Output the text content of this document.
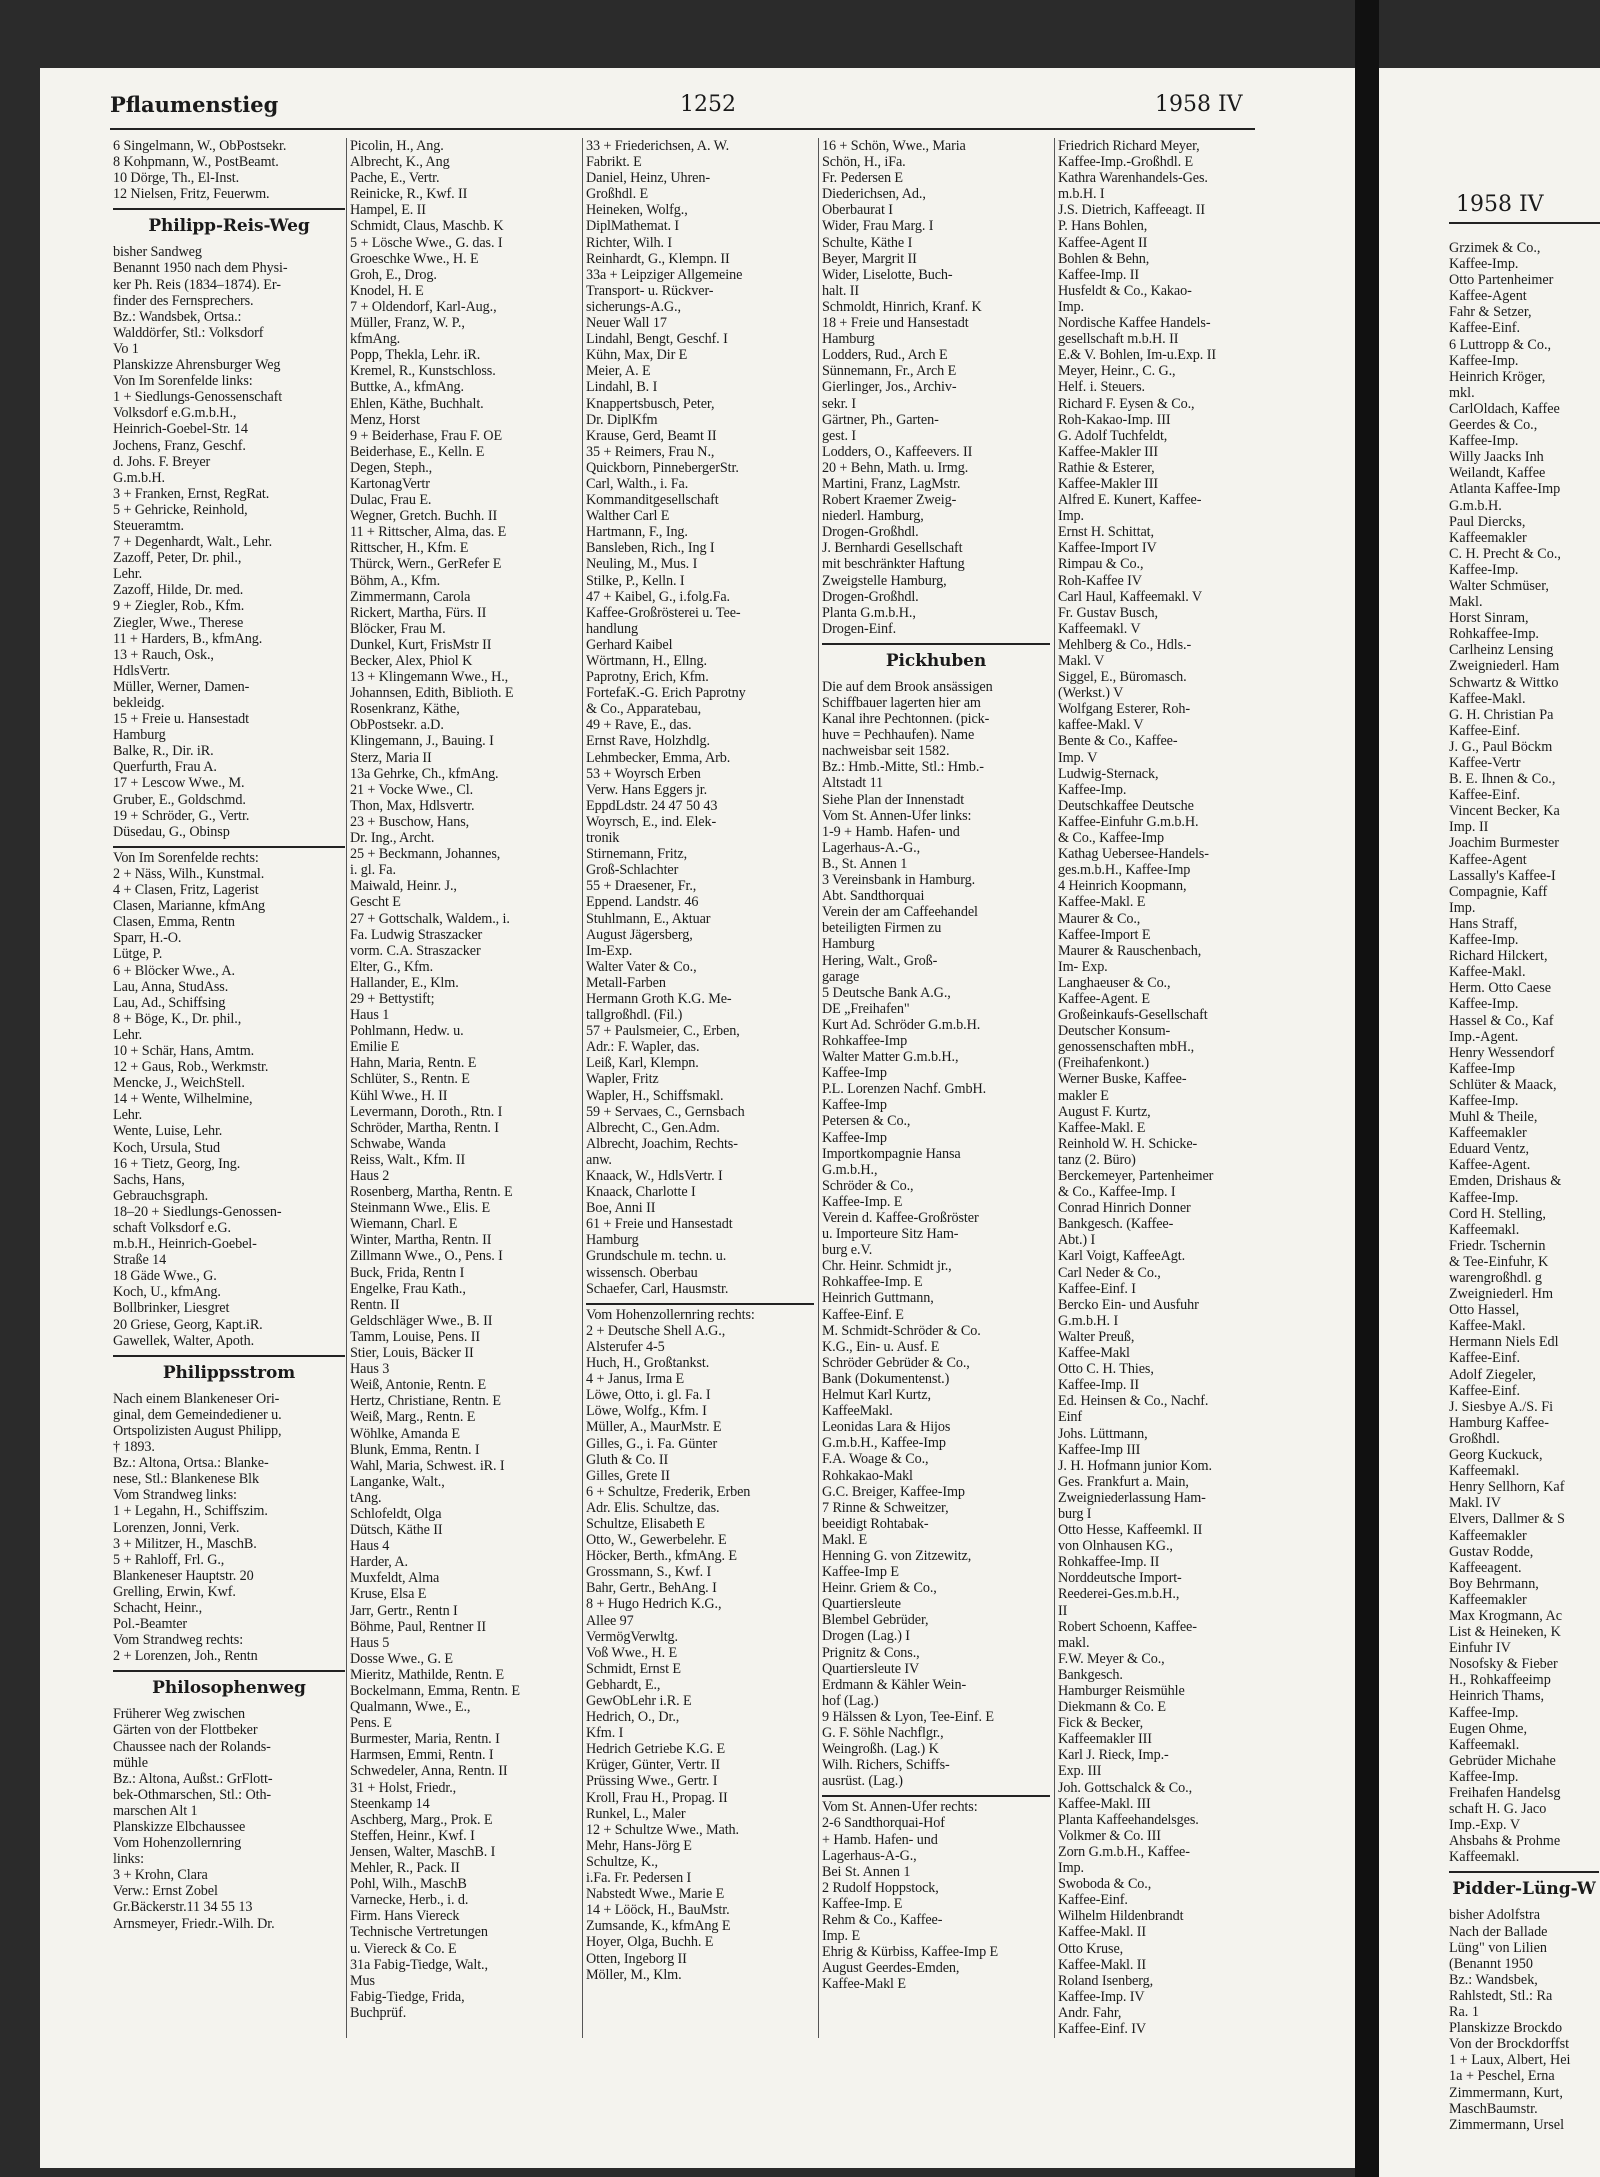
1958 IV
Grzimek & Co.,
Kaffee-Imp.
Otto Partenheimer
Kaffee-Agent
Fahr & Setzer,
Kaffee-Einf.
6 Luttropp & Co.,
Kaffee-Imp.
Heinrich Kröger,
mkl.
CarlOldach, Kaffee
Geerdes & Co.,
Kaffee-Imp.
Willy Jaacks Inh
Weilandt, Kaffee
Atlanta Kaffee-Imp
G.m.b.H.
Paul Diercks,
Kaffeemakler
C. H. Precht & Co.,
Kaffee-Imp.
Walter Schmüser,
Makl.
Horst Sinram,
Rohkaffee-Imp.
Carlheinz Lensing
Zweigniederl. Ham
Schwartz & Wittko
Kaffee-Makl.
G. H. Christian Pa
Kaffee-Einf.
J. G., Paul Böckm
Kaffee-Vertr
B. E. Ihnen & Co.,
Kaffee-Einf.
Vincent Becker, Ka
Imp. II
Joachim Burmester
Kaffee-Agent
Lassally's Kaffee-I
Compagnie, Kaff
Imp.
Hans Straff,
Kaffee-Imp.
Richard Hilckert,
Kaffee-Makl.
Herm. Otto Caese
Kaffee-Imp.
Hassel & Co., Kaf
Imp.-Agent.
Henry Wessendorf
Kaffee-Imp
Schlüter & Maack,
Kaffee-Imp.
Muhl & Theile,
Kaffeemakler
Eduard Ventz,
Kaffee-Agent.
Emden, Drishaus &
Kaffee-Imp.
Cord H. Stelling,
Kaffeemakl.
Friedr. Tschernin
& Tee-Einfuhr, K
warengroßhdl. g
Zweigniederl. Hm
Otto Hassel,
Kaffee-Makl.
Hermann Niels Edl
Kaffee-Einf.
Adolf Ziegeler,
Kaffee-Einf.
J. Siesbye A./S. Fi
Hamburg Kaffee-
Großhdl.
Georg Kuckuck,
Kaffeemakl.
Henry Sellhorn, Kaf
Makl. IV
Elvers, Dallmer & S
Kaffeemakler
Gustav Rodde,
Kaffeeagent.
Boy Behrmann,
Kaffeemakler
Max Krogmann, Ac
List & Heineken, K
Einfuhr IV
Nosofsky & Fieber
H., Rohkaffeeimp
Heinrich Thams,
Kaffee-Imp.
Eugen Ohme,
Kaffeemakl.
Gebrüder Michahe
Kaffee-Imp.
Freihafen Handelsg
schaft H. G. Jaco
Imp.-Exp. V
Ahsbahs & Prohme
Kaffeemakl.
Pidder-Lüng-W
bisher Adolfstra
Nach der Ballade
Lüng" von Lilien
(Benannt 1950
Bz.: Wandsbek,
Rahlstedt, Stl.: Ra
Ra. 1
Planskizze Brockdo
Von der Brockdorffst
1 + Laux, Albert, Hei
1a + Peschel, Erna
Zimmermann, Kurt,
MaschBaumstr.
Zimmermann, Ursel
Pflaumenstieg	1252	1958 IV
6 Singelmann, W., ObPostsekr.
8 Kohpmann, W., PostBeamt.
10 Dörge, Th., El-Inst.
12 Nielsen, Fritz, Feuerwm.
Philipp-Reis-Weg
bisher Sandweg
Benannt 1950 nach dem Physi-
ker Ph. Reis (1834–1874). Er-
finder des Fernsprechers.
Bz.: Wandsbek, Ortsa.:
Walddörfer, Stl.: Volksdorf
Vo 1
Planskizze Ahrensburger Weg
Von Im Sorenfelde links:
1 + Siedlungs-Genossenschaft
Volksdorf e.G.m.b.H.,
Heinrich-Goebel-Str. 14
Jochens, Franz, Geschf.
d. Johs. F. Breyer
G.m.b.H.
3 + Franken, Ernst, RegRat.
5 + Gehricke, Reinhold,
Steueramtm.
7 + Degenhardt, Walt., Lehr.
Zazoff, Peter, Dr. phil.,
Lehr.
Zazoff, Hilde, Dr. med.
9 + Ziegler, Rob., Kfm.
Ziegler, Wwe., Therese
11 + Harders, B., kfmAng.
13 + Rauch, Osk.,
HdlsVertr.
Müller, Werner, Damen-
bekleidg.
15 + Freie u. Hansestadt
Hamburg
Balke, R., Dir. iR.
Querfurth, Frau A.
17 + Lescow Wwe., M.
Gruber, E., Goldschmd.
19 + Schröder, G., Vertr.
Düsedau, G., Obinsp
Von Im Sorenfelde rechts:
2 + Näss, Wilh., Kunstmal.
4 + Clasen, Fritz, Lagerist
Clasen, Marianne, kfmAng
Clasen, Emma, Rentn
Sparr, H.-O.
Lütge, P.
6 + Blöcker Wwe., A.
Lau, Anna, StudAss.
Lau, Ad., Schiffsing
8 + Böge, K., Dr. phil.,
Lehr.
10 + Schär, Hans, Amtm.
12 + Gaus, Rob., Werkmstr.
Mencke, J., WeichStell.
14 + Wente, Wilhelmine,
Lehr.
Wente, Luise, Lehr.
Koch, Ursula, Stud
16 + Tietz, Georg, Ing.
Sachs, Hans,
Gebrauchsgraph.
18–20 + Siedlungs-Genossen-
schaft Volksdorf e.G.
m.b.H., Heinrich-Goebel-
Straße 14
18 Gäde Wwe., G.
Koch, U., kfmAng.
Bollbrinker, Liesgret
20 Griese, Georg, Kapt.iR.
Gawellek, Walter, Apoth.
Philippsstrom
Nach einem Blankeneser Ori-
ginal, dem Gemeindediener u.
Ortspolizisten August Philipp,
† 1893.
Bz.: Altona, Ortsa.: Blanke-
nese, Stl.: Blankenese Blk
Vom Strandweg links:
1 + Legahn, H., Schiffszim.
Lorenzen, Jonni, Verk.
3 + Militzer, H., MaschB.
5 + Rahloff, Frl. G.,
Blankeneser Hauptstr. 20
Grelling, Erwin, Kwf.
Schacht, Heinr.,
Pol.-Beamter
Vom Strandweg rechts:
2 + Lorenzen, Joh., Rentn
Philosophenweg
Früherer Weg zwischen
Gärten von der Flottbeker
Chaussee nach der Rolands-
mühle
Bz.: Altona, Außst.: GrFlott-
bek-Othmarschen, Stl.: Oth-
marschen Alt 1
Planskizze Elbchaussee
Vom Hohenzollernring
links:
3 + Krohn, Clara
Verw.: Ernst Zobel
Gr.Bäckerstr.11 34 55 13
Arnsmeyer, Friedr.-Wilh. Dr.
Picolin, H., Ang.
Albrecht, K., Ang
Pache, E., Vertr.
Reinicke, R., Kwf. II
Hampel, E. II
Schmidt, Claus, Maschb. K
5 + Lösche Wwe., G. das. I
Groeschke Wwe., H. E
Groh, E., Drog.
Knodel, H. E
7 + Oldendorf, Karl-Aug.,
Müller, Franz, W. P.,
kfmAng.
Popp, Thekla, Lehr. iR.
Kremel, R., Kunstschloss.
Buttke, A., kfmAng.
Ehlen, Käthe, Buchhalt.
Menz, Horst
9 + Beiderhase, Frau F. OE
Beiderhase, E., Kelln. E
Degen, Steph.,
KartonagVertr
Dulac, Frau E.
Wegner, Gretch. Buchh. II
11 + Rittscher, Alma, das. E
Rittscher, H., Kfm. E
Thürck, Wern., GerRefer E
Böhm, A., Kfm.
Zimmermann, Carola
Rickert, Martha, Fürs. II
Blöcker, Frau M.
Dunkel, Kurt, FrisMstr II
Becker, Alex, Phiol K
13 + Klingemann Wwe., H.,
Johannsen, Edith, Biblioth. E
Rosenkranz, Käthe,
ObPostsekr. a.D.
Klingemann, J., Bauing. I
Sterz, Maria II
13a Gehrke, Ch., kfmAng.
21 + Vocke Wwe., Cl.
Thon, Max, Hdlsvertr.
23 + Buschow, Hans,
Dr. Ing., Archt.
25 + Beckmann, Johannes,
i. gl. Fa.
Maiwald, Heinr. J.,
Gescht E
27 + Gottschalk, Waldem., i.
Fa. Ludwig Straszacker
vorm. C.A. Straszacker
Elter, G., Kfm.
Hallander, E., Klm.
29 + Bettystift;
Haus 1
Pohlmann, Hedw. u.
Emilie E
Hahn, Maria, Rentn. E
Schlüter, S., Rentn. E
Kühl Wwe., H. II
Levermann, Doroth., Rtn. I
Schröder, Martha, Rentn. I
Schwabe, Wanda
Reiss, Walt., Kfm. II
Haus 2
Rosenberg, Martha, Rentn. E
Steinmann Wwe., Elis. E
Wiemann, Charl. E
Winter, Martha, Rentn. II
Zillmann Wwe., O., Pens. I
Buck, Frida, Rentn I
Engelke, Frau Kath.,
Rentn. II
Geldschläger Wwe., B. II
Tamm, Louise, Pens. II
Stier, Louis, Bäcker II
Haus 3
Weiß, Antonie, Rentn. E
Hertz, Christiane, Rentn. E
Weiß, Marg., Rentn. E
Wöhlke, Amanda E
Blunk, Emma, Rentn. I
Wahl, Maria, Schwest. iR. I
Langanke, Walt.,
tAng.
Schlofeldt, Olga
Dütsch, Käthe II
Haus 4
Harder, A.
Muxfeldt, Alma
Kruse, Elsa E
Jarr, Gertr., Rentn I
Böhme, Paul, Rentner II
Haus 5
Dosse Wwe., G. E
Mieritz, Mathilde, Rentn. E
Bockelmann, Emma, Rentn. E
Qualmann, Wwe., E.,
Pens. E
Burmester, Maria, Rentn. I
Harmsen, Emmi, Rentn. I
Schwedeler, Anna, Rentn. II
31 + Holst, Friedr.,
Steenkamp 14
Aschberg, Marg., Prok. E
Steffen, Heinr., Kwf. I
Jensen, Walter, MaschB. I
Mehler, R., Pack. II
Pohl, Wilh., MaschB
Varnecke, Herb., i. d.
Firm. Hans Viereck
Technische Vertretungen
u. Viereck & Co. E
31a Fabig-Tiedge, Walt.,
Mus
Fabig-Tiedge, Frida,
Buchprüf.
33 + Friederichsen, A. W.
Fabrikt. E
Daniel, Heinz, Uhren-
Großhdl. E
Heineken, Wolfg.,
DiplMathemat. I
Richter, Wilh. I
Reinhardt, G., Klempn. II
33a + Leipziger Allgemeine
Transport- u. Rückver-
sicherungs-A.G.,
Neuer Wall 17
Lindahl, Bengt, Geschf. I
Kühn, Max, Dir E
Meier, A. E
Lindahl, B. I
Knappertsbusch, Peter,
Dr. DiplKfm
Krause, Gerd, Beamt II
35 + Reimers, Frau N.,
Quickborn, PinnebergerStr.
Carl, Walth., i. Fa.
Kommanditgesellschaft
Walther Carl E
Hartmann, F., Ing.
Bansleben, Rich., Ing I
Neuling, M., Mus. I
Stilke, P., Kelln. I
47 + Kaibel, G., i.folg.Fa.
Kaffee-Großrösterei u. Tee-
handlung
Gerhard Kaibel
Wörtmann, H., Ellng.
Paprotny, Erich, Kfm.
FortefaK.-G. Erich Paprotny
& Co., Apparatebau,
49 + Rave, E., das.
Ernst Rave, Holzhdlg.
Lehmbecker, Emma, Arb.
53 + Woyrsch Erben
Verw. Hans Eggers jr.
EppdLdstr. 24 47 50 43
Woyrsch, E., ind. Elek-
tronik
Stirnemann, Fritz,
Groß-Schlachter
55 + Draesener, Fr.,
Eppend. Landstr. 46
Stuhlmann, E., Aktuar
August Jägersberg,
Im-Exp.
Walter Vater & Co.,
Metall-Farben
Hermann Groth K.G. Me-
tallgroßhdl. (Fil.)
57 + Paulsmeier, C., Erben,
Adr.: F. Wapler, das.
Leiß, Karl, Klempn.
Wapler, Fritz
Wapler, H., Schiffsmakl.
59 + Servaes, C., Gernsbach
Albrecht, C., Gen.Adm.
Albrecht, Joachim, Rechts-
anw.
Knaack, W., HdlsVertr. I
Knaack, Charlotte I
Boe, Anni II
61 + Freie und Hansestadt
Hamburg
Grundschule m. techn. u.
wissensch. Oberbau
Schaefer, Carl, Hausmstr.
Vom Hohenzollernring rechts:
2 + Deutsche Shell A.G.,
Alsterufer 4-5
Huch, H., Großtankst.
4 + Janus, Irma E
Löwe, Otto, i. gl. Fa. I
Löwe, Wolfg., Kfm. I
Müller, A., MaurMstr. E
Gilles, G., i. Fa. Günter
Gluth & Co. II
Gilles, Grete II
6 + Schultze, Frederik, Erben
Adr. Elis. Schultze, das.
Schultze, Elisabeth E
Otto, W., Gewerbelehr. E
Höcker, Berth., kfmAng. E
Grossmann, S., Kwf. I
Bahr, Gertr., BehAng. I
8 + Hugo Hedrich K.G.,
Allee 97
VermögVerwltg.
Voß Wwe., H. E
Schmidt, Ernst E
Gebhardt, E.,
GewObLehr i.R. E
Hedrich, O., Dr.,
Kfm. I
Hedrich Getriebe K.G. E
Krüger, Günter, Vertr. II
Prüssing Wwe., Gertr. I
Kroll, Frau H., Propag. II
Runkel, L., Maler
12 + Schultze Wwe., Math.
Mehr, Hans-Jörg E
Schultze, K.,
i.Fa. Fr. Pedersen I
Nabstedt Wwe., Marie E
14 + Lööck, H., BauMstr.
Zumsande, K., kfmAng E
Hoyer, Olga, Buchh. E
Otten, Ingeborg II
Möller, M., Klm.
16 + Schön, Wwe., Maria
Schön, H., iFa.
Fr. Pedersen E
Diederichsen, Ad.,
Oberbaurat I
Wider, Frau Marg. I
Schulte, Käthe I
Beyer, Margrit II
Wider, Liselotte, Buch-
halt. II
Schmoldt, Hinrich, Kranf. K
18 + Freie und Hansestadt
Hamburg
Lodders, Rud., Arch E
Sünnemann, Fr., Arch E
Gierlinger, Jos., Archiv-
sekr. I
Gärtner, Ph., Garten-
gest. I
Lodders, O., Kaffeevers. II
20 + Behn, Math. u. Irmg.
Martini, Franz, LagMstr.
Robert Kraemer Zweig-
niederl. Hamburg,
Drogen-Großhdl.
J. Bernhardi Gesellschaft
mit beschränkter Haftung
Zweigstelle Hamburg,
Drogen-Großhdl.
Planta G.m.b.H.,
Drogen-Einf.
Pickhuben
Die auf dem Brook ansässigen
Schiffbauer lagerten hier am
Kanal ihre Pechtonnen. (pick-
huve = Pechhaufen). Name
nachweisbar seit 1582.
Bz.: Hmb.-Mitte, Stl.: Hmb.-
Altstadt 11
Siehe Plan der Innenstadt
Vom St. Annen-Ufer links:
1-9 + Hamb. Hafen- und
Lagerhaus-A.-G.,
B., St. Annen 1
3 Vereinsbank in Hamburg.
Abt. Sandthorquai
Verein der am Caffeehandel
beteiligten Firmen zu
Hamburg
Hering, Walt., Groß-
garage
5 Deutsche Bank A.G.,
DE „Freihafen"
Kurt Ad. Schröder G.m.b.H.
Rohkaffee-Imp
Walter Matter G.m.b.H.,
Kaffee-Imp
P.L. Lorenzen Nachf. GmbH.
Kaffee-Imp
Petersen & Co.,
Kaffee-Imp
Importkompagnie Hansa
G.m.b.H.,
Schröder & Co.,
Kaffee-Imp. E
Verein d. Kaffee-Großröster
u. Importeure Sitz Ham-
burg e.V.
Chr. Heinr. Schmidt jr.,
Rohkaffee-Imp. E
Heinrich Guttmann,
Kaffee-Einf. E
M. Schmidt-Schröder & Co.
K.G., Ein- u. Ausf. E
Schröder Gebrüder & Co.,
Bank (Dokumentenst.)
Helmut Karl Kurtz,
KaffeeMakl.
Leonidas Lara & Hijos
G.m.b.H., Kaffee-Imp
F.A. Woage & Co.,
Rohkakao-Makl
G.C. Breiger, Kaffee-Imp
7 Rinne & Schweitzer,
beeidigt Rohtabak-
Makl. E
Henning G. von Zitzewitz,
Kaffee-Imp E
Heinr. Griem & Co.,
Quartiersleute
Blembel Gebrüder,
Drogen (Lag.) I
Prignitz & Cons.,
Quartiersleute IV
Erdmann & Kähler Wein-
hof (Lag.)
9 Hälssen & Lyon, Tee-Einf. E
G. F. Söhle Nachflgr.,
Weingroßh. (Lag.) K
Wilh. Richers, Schiffs-
ausrüst. (Lag.)
Vom St. Annen-Ufer rechts:
2-6 Sandthorquai-Hof
+ Hamb. Hafen- und
Lagerhaus-A-G.,
Bei St. Annen 1
2 Rudolf Hoppstock,
Kaffee-Imp. E
Rehm & Co., Kaffee-
Imp. E
Ehrig & Kürbiss, Kaffee-Imp E
August Geerdes-Emden,
Kaffee-Makl E
Friedrich Richard Meyer,
Kaffee-Imp.-Großhdl. E
Kathra Warenhandels-Ges.
m.b.H. I
J.S. Dietrich, Kaffeeagt. II
P. Hans Bohlen,
Kaffee-Agent II
Bohlen & Behn,
Kaffee-Imp. II
Husfeldt & Co., Kakao-
Imp.
Nordische Kaffee Handels-
gesellschaft m.b.H. II
E.& V. Bohlen, Im-u.Exp. II
Meyer, Heinr., C. G.,
Helf. i. Steuers.
Richard F. Eysen & Co.,
Roh-Kakao-Imp. III
G. Adolf Tuchfeldt,
Kaffee-Makler III
Rathie & Esterer,
Kaffee-Makler III
Alfred E. Kunert, Kaffee-
Imp.
Ernst H. Schittat,
Kaffee-Import IV
Rimpau & Co.,
Roh-Kaffee IV
Carl Haul, Kaffeemakl. V
Fr. Gustav Busch,
Kaffeemakl. V
Mehlberg & Co., Hdls.-
Makl. V
Siggel, E., Büromasch.
(Werkst.) V
Wolfgang Esterer, Roh-
kaffee-Makl. V
Bente & Co., Kaffee-
Imp. V
Ludwig-Sternack,
Kaffee-Imp.
Deutschkaffee Deutsche
Kaffee-Einfuhr G.m.b.H.
& Co., Kaffee-Imp
Kathag Uebersee-Handels-
ges.m.b.H., Kaffee-Imp
4 Heinrich Koopmann,
Kaffee-Makl. E
Maurer & Co.,
Kaffee-Import E
Maurer & Rauschenbach,
Im- Exp.
Langhaeuser & Co.,
Kaffee-Agent. E
Großeinkaufs-Gesellschaft
Deutscher Konsum-
genossenschaften mbH.,
(Freihafenkont.)
Werner Buske, Kaffee-
makler E
August F. Kurtz,
Kaffee-Makl. E
Reinhold W. H. Schicke-
tanz (2. Büro)
Berckemeyer, Partenheimer
& Co., Kaffee-Imp. I
Conrad Hinrich Donner
Bankgesch. (Kaffee-
Abt.) I
Karl Voigt, KaffeeAgt.
Carl Neder & Co.,
Kaffee-Einf. I
Bercko Ein- und Ausfuhr
G.m.b.H. I
Walter Preuß,
Kaffee-Makl
Otto C. H. Thies,
Kaffee-Imp. II
Ed. Heinsen & Co., Nachf.
Einf
Johs. Lüttmann,
Kaffee-Imp III
J. H. Hofmann junior Kom.
Ges. Frankfurt a. Main,
Zweigniederlassung Ham-
burg I
Otto Hesse, Kaffeemkl. II
von Olnhausen KG.,
Rohkaffee-Imp. II
Norddeutsche Import-
Reederei-Ges.m.b.H.,
II
Robert Schoenn, Kaffee-
makl.
F.W. Meyer & Co.,
Bankgesch.
Hamburger Reismühle
Diekmann & Co. E
Fick & Becker,
Kaffeemakler III
Karl J. Rieck, Imp.-
Exp. III
Joh. Gottschalck & Co.,
Kaffee-Makl. III
Planta Kaffeehandelsges.
Volkmer & Co. III
Zorn G.m.b.H., Kaffee-
Imp.
Swoboda & Co.,
Kaffee-Einf.
Wilhelm Hildenbrandt
Kaffee-Makl. II
Otto Kruse,
Kaffee-Makl. II
Roland Isenberg,
Kaffee-Imp. IV
Andr. Fahr,
Kaffee-Einf. IV
